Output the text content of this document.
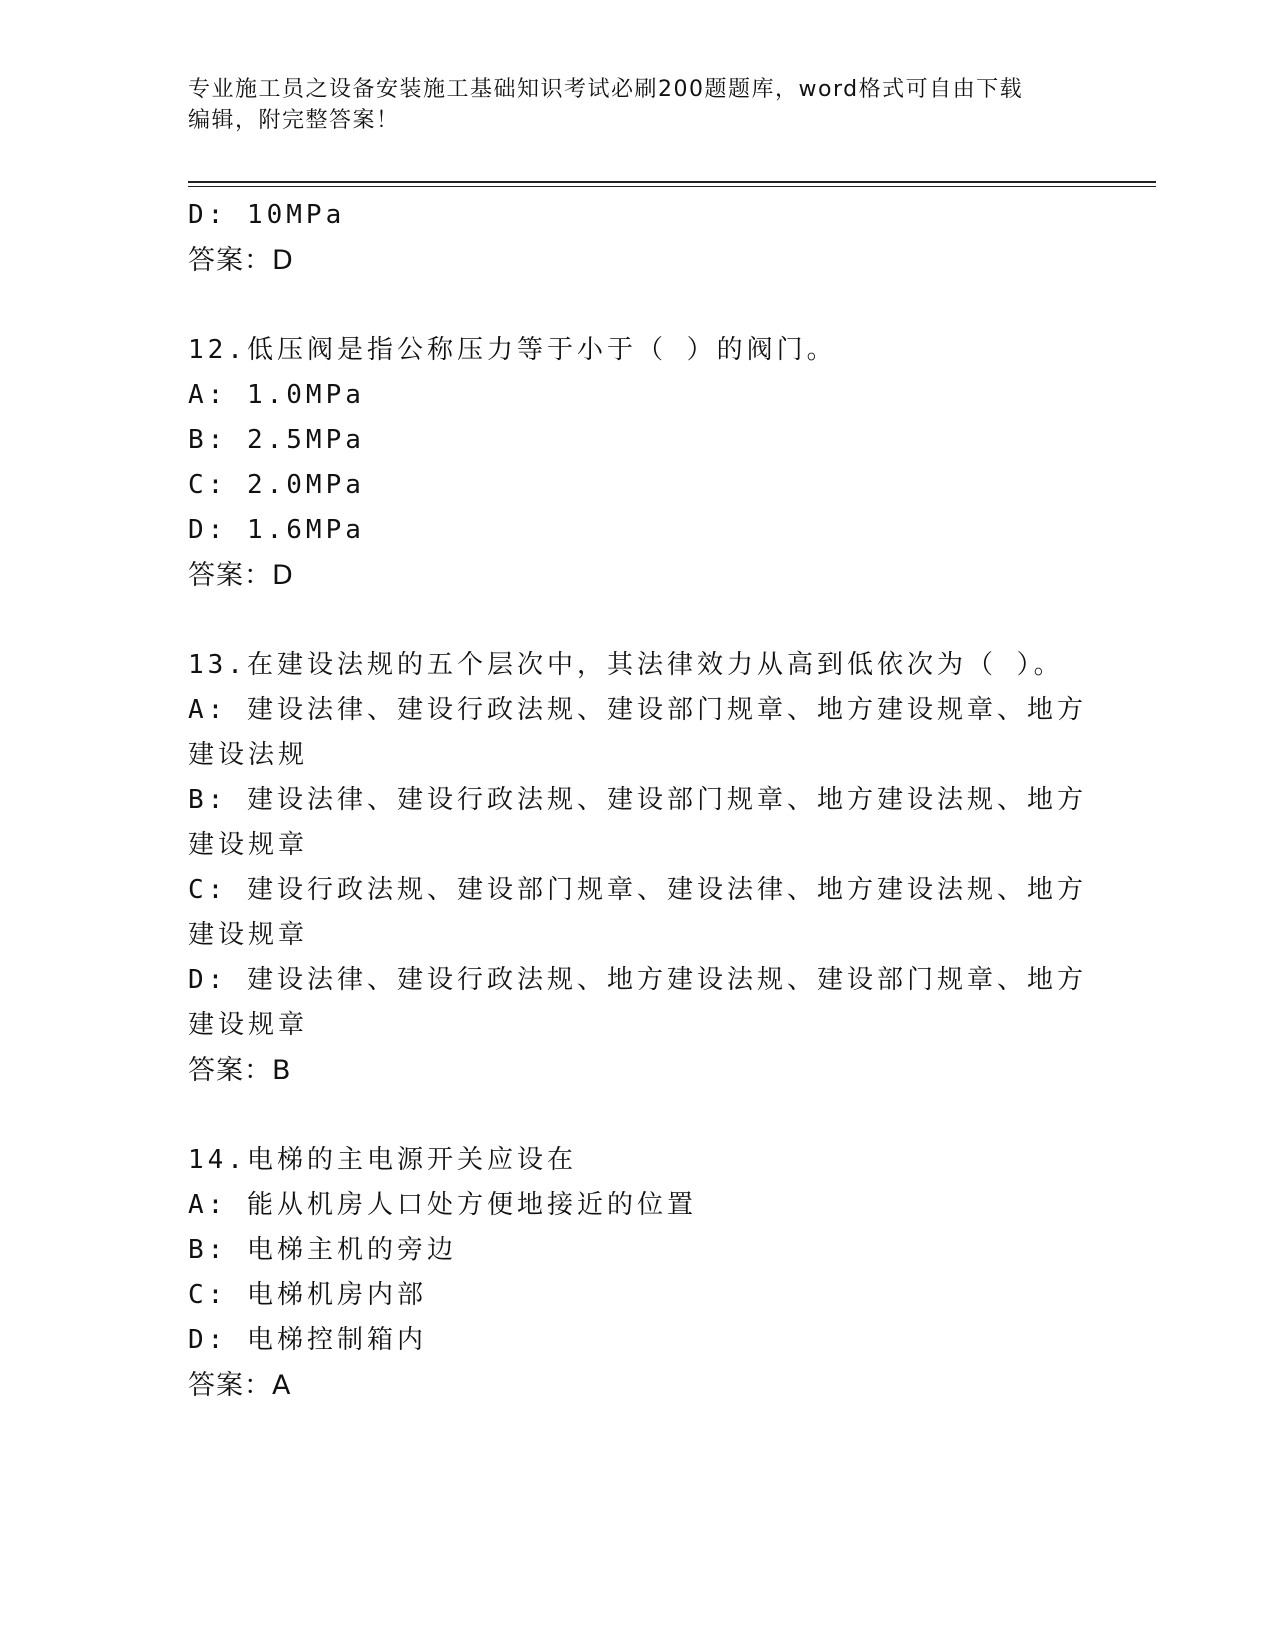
专业施工员之设备安装施工基础知识考试必刷200题题库，word格式可自由下载
编辑，附完整答案！
D: 10MPa
答案：D
12.低压阀是指公称压力等于小于（ ）的阀门。
A: 1.0MPa
B: 2.5MPa
C: 2.0MPa
D: 1.6MPa
答案：D
13.在建设法规的五个层次中，其法律效力从高到低依次为（ ）。
A: 建设法律、建设行政法规、建设部门规章、地方建设规章、地方建设法规
B: 建设法律、建设行政法规、建设部门规章、地方建设法规、地方建设规章
C: 建设行政法规、建设部门规章、建设法律、地方建设法规、地方建设规章
D: 建设法律、建设行政法规、地方建设法规、建设部门规章、地方建设规章
答案：B
14.电梯的主电源开关应设在
A: 能从机房人口处方便地接近的位置
B: 电梯主机的旁边
C: 电梯机房内部
D: 电梯控制箱内
答案：A
